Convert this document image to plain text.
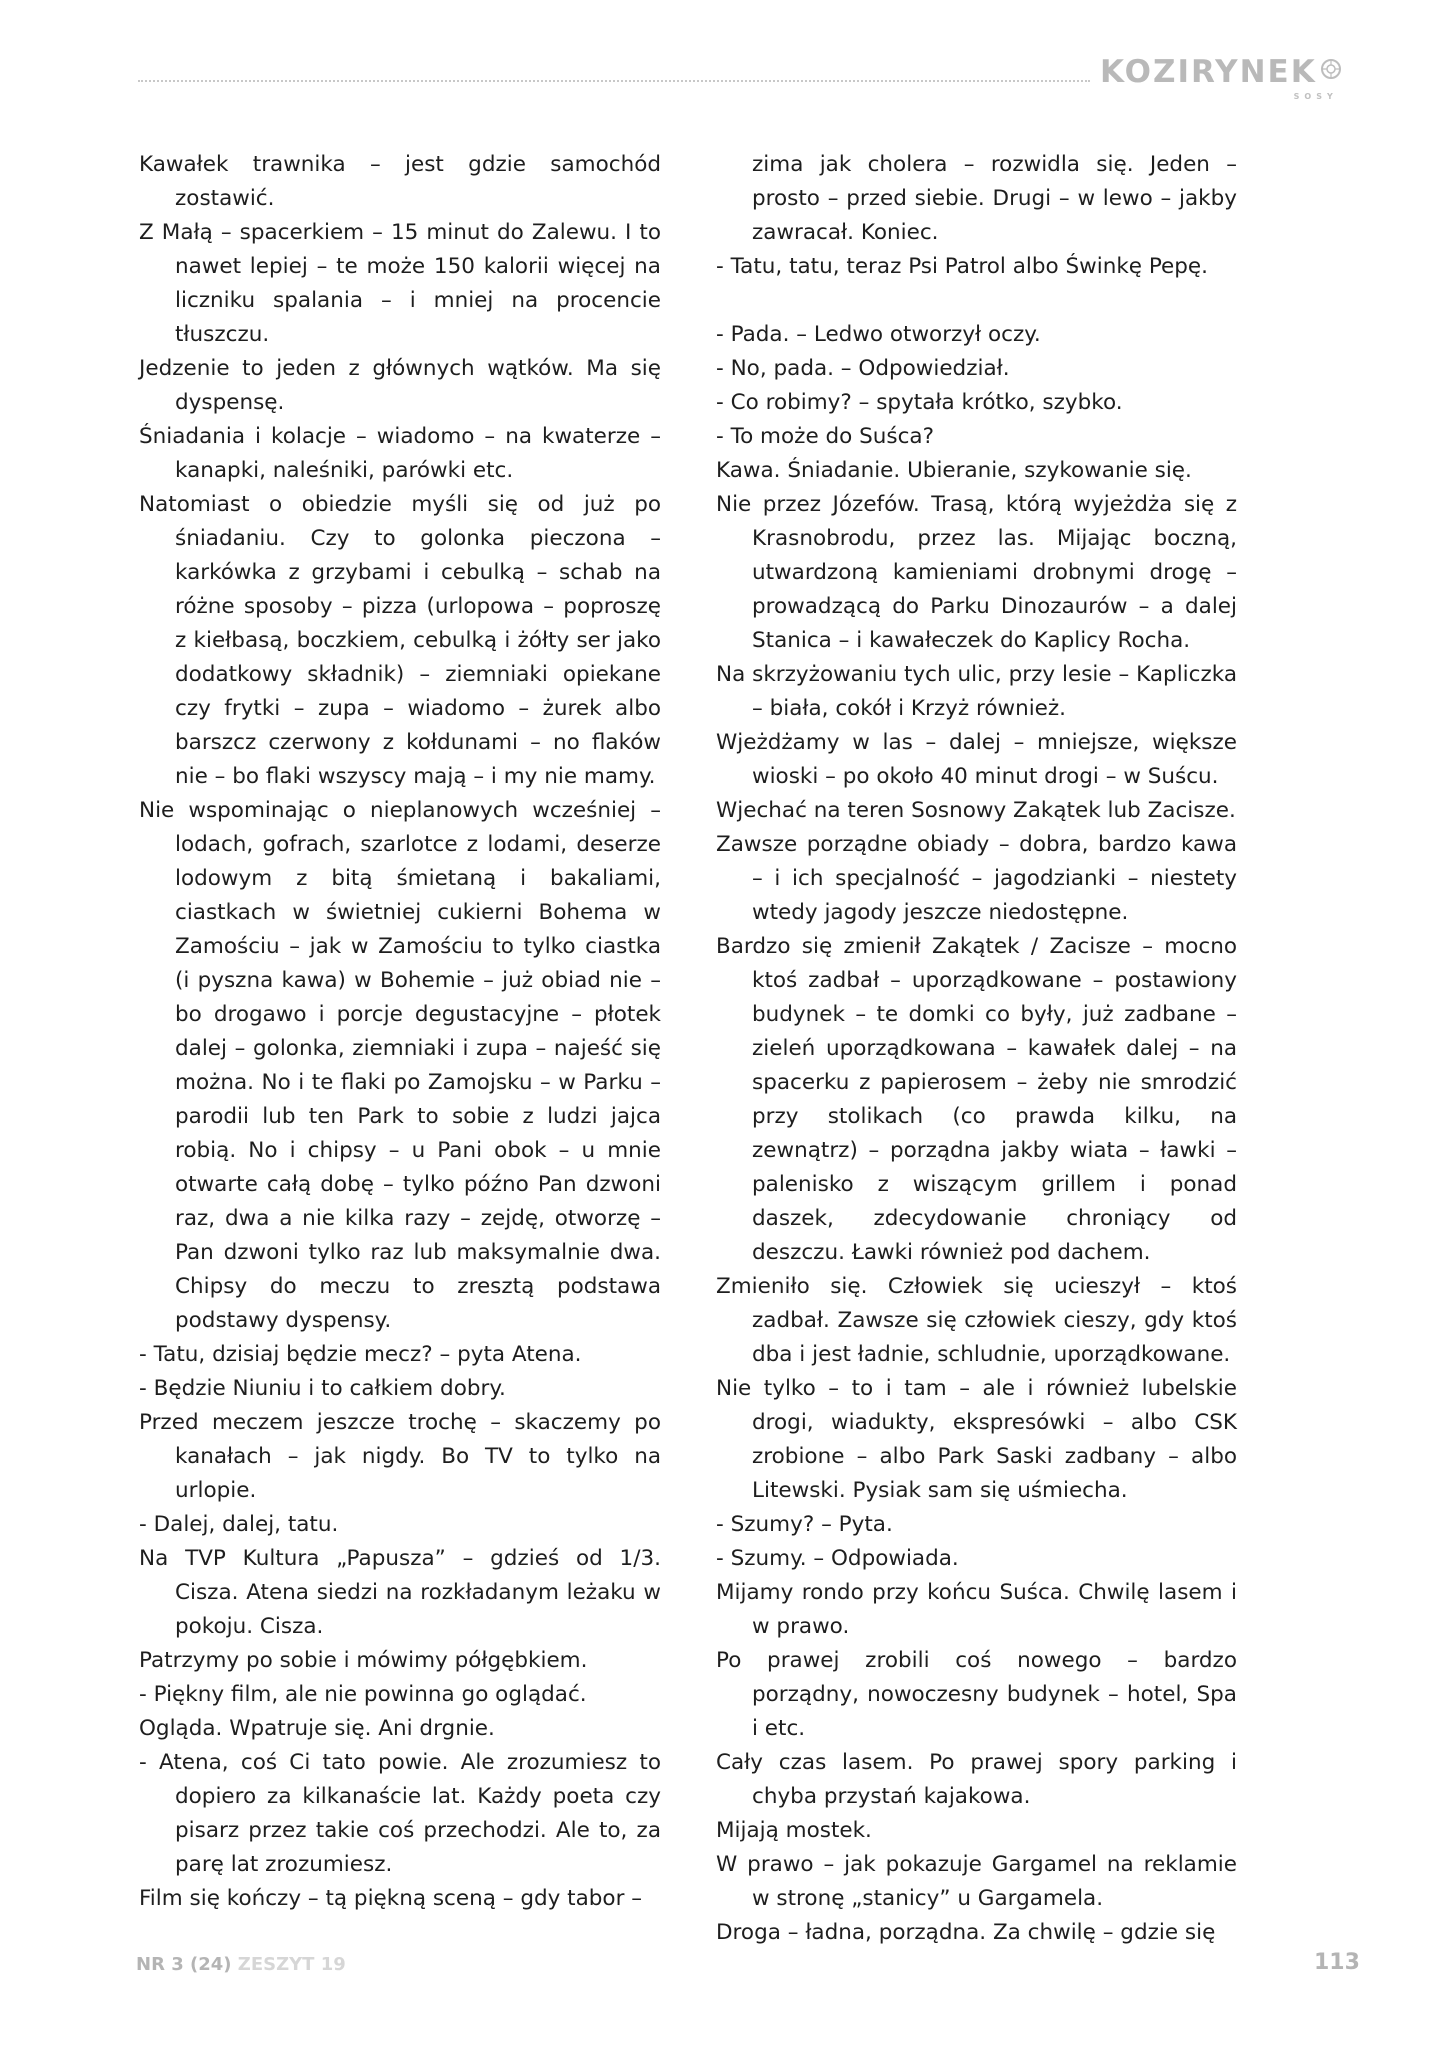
KOZIRYNEK
SOSY

Kawałek trawnika – jest gdzie samochód zostawić.

Z Małą – spacerkiem – 15 minut do Zalewu. I to nawet lepiej – te może 150 kalorii więcej na liczniku spalania – i mniej na procencie tłuszczu.

Jedzenie to jeden z głównych wątków. Ma się dyspensę.

Śniadania i kolacje – wiadomo – na kwaterze – kanapki, naleśniki, parówki etc.

Natomiast o obiedzie myśli się od już po śniadaniu. Czy to golonka pieczona – karkówka z grzybami i cebulką – schab na różne sposoby – pizza (urlopowa – poproszę z kiełbasą, boczkiem, cebulką i żółty ser jako dodatkowy składnik) – ziemniaki opiekane czy frytki – zupa – wiadomo – żurek albo barszcz czerwony z kołdunami – no flaków nie – bo flaki wszyscy mają – i my nie mamy.

Nie wspominając o nieplanowych wcześniej – lodach, gofrach, szarlotce z lodami, deserze lodowym z bitą śmietaną i bakaliami, ciastkach w świetniej cukierni Bohema w Zamościu – jak w Zamościu to tylko ciastka (i pyszna kawa) w Bohemie – już obiad nie – bo drogawo i porcje degustacyjne – płotek dalej – golonka, ziemniaki i zupa – najeść się można. No i te flaki po Zamojsku – w Parku – parodii lub ten Park to sobie z ludzi jajca robią. No i chipsy – u Pani obok – u mnie otwarte całą dobę – tylko późno Pan dzwoni raz, dwa a nie kilka razy – zejdę, otworzę – Pan dzwoni tylko raz lub maksymalnie dwa. Chipsy do meczu to zresztą podstawa podstawy dyspensy.

- Tatu, dzisiaj będzie mecz? – pyta Atena.

- Będzie Niuniu i to całkiem dobry.

Przed meczem jeszcze trochę – skaczemy po kanałach – jak nigdy. Bo TV to tylko na urlopie.

- Dalej, dalej, tatu.

Na TVP Kultura „Papusza” – gdzieś od 1/3. Cisza. Atena siedzi na rozkładanym leżaku w pokoju. Cisza.

Patrzymy po sobie i mówimy półgębkiem.

- Piękny film, ale nie powinna go oglądać.

Ogląda. Wpatruje się. Ani drgnie.

- Atena, coś Ci tato powie. Ale zrozumiesz to dopiero za kilkanaście lat. Każdy poeta czy pisarz przez takie coś przechodzi. Ale to, za parę lat zrozumiesz.

Film się kończy – tą piękną sceną – gdy tabor –

zima jak cholera – rozwidla się. Jeden –prosto – przed siebie. Drugi – w lewo – jakby zawracał. Koniec.

- Tatu, tatu, teraz Psi Patrol albo Świnkę Pepę.

- Pada. – Ledwo otworzył oczy.

- No, pada. – Odpowiedział.

- Co robimy? – spytała krótko, szybko.

- To może do Suśca?

Kawa. Śniadanie. Ubieranie, szykowanie się.

Nie przez Józefów. Trasą, którą wyjeżdża się z Krasnobrodu, przez las. Mijając boczną, utwardzoną kamieniami drobnymi drogę – prowadzącą do Parku Dinozaurów – a dalej Stanica – i kawałeczek do Kaplicy Rocha.

Na skrzyżowaniu tych ulic, przy lesie – Kapliczka – biała, cokół i Krzyż również.

Wjeżdżamy w las – dalej – mniejsze, większe wioski – po około 40 minut drogi – w Suścu.

Wjechać na teren Sosnowy Zakątek lub Zacisze.

Zawsze porządne obiady – dobra, bardzo kawa – i ich specjalność – jagodzianki – niestety wtedy jagody jeszcze niedostępne.

Bardzo się zmienił Zakątek / Zacisze – mocno ktoś zadbał – uporządkowane – postawiony budynek – te domki co były, już zadbane – zieleń uporządkowana – kawałek dalej – na spacerku z papierosem – żeby nie smrodzić przy stolikach (co prawda kilku, na zewnątrz) – porządna jakby wiata – ławki – palenisko z wiszącym grillem i ponad daszek, zdecydowanie chroniący od deszczu. Ławki również pod dachem.

Zmieniło się. Człowiek się ucieszył – ktoś zadbał. Zawsze się człowiek cieszy, gdy ktoś dba i jest ładnie, schludnie, uporządkowane.

Nie tylko – to i tam – ale i również lubelskie drogi, wiadukty, ekspresówki – albo CSK zrobione – albo Park Saski zadbany – albo Litewski. Pysiak sam się uśmiecha.

- Szumy? – Pyta.

- Szumy. – Odpowiada.

Mijamy rondo przy końcu Suśca. Chwilę lasem i w prawo.

Po prawej zrobili coś nowego – bardzo porządny, nowoczesny budynek – hotel, Spa i etc.

Cały czas lasem. Po prawej spory parking i chyba przystań kajakowa.

Mijają mostek.

W prawo – jak pokazuje Gargamel na reklamie w stronę „stanicy” u Gargamela.

Droga – ładna, porządna. Za chwilę – gdzie się

NR 3 (24) ZESZYT 19	113
